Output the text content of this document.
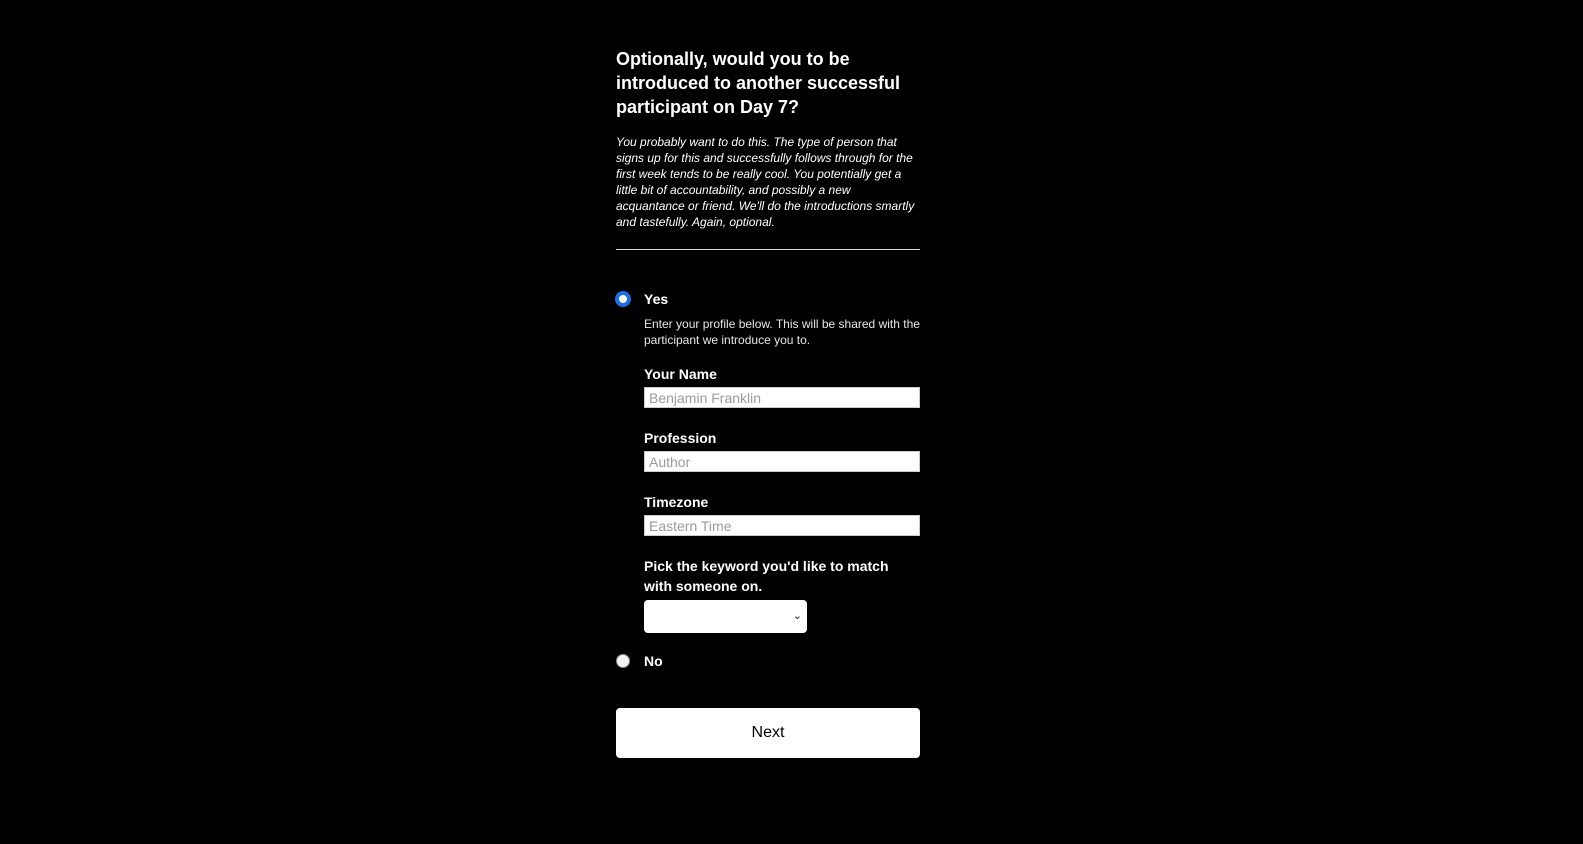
Optionally, would you to be introduced to another successful participant on Day 7?
You probably want to do this. The type of person that signs up for this and successfully follows through for the first week tends to be really cool. You potentially get a little bit of accountability, and possibly a new acquantance or friend. We'll do the introductions smartly and tastefully. Again, optional.
Yes
Enter your profile below. This will be shared with the participant we introduce you to.
Your Name
Benjamin Franklin
Profession
Author
Timezone
Eastern Time
Pick the keyword you'd like to match with someone on.
⌄
No
Next
